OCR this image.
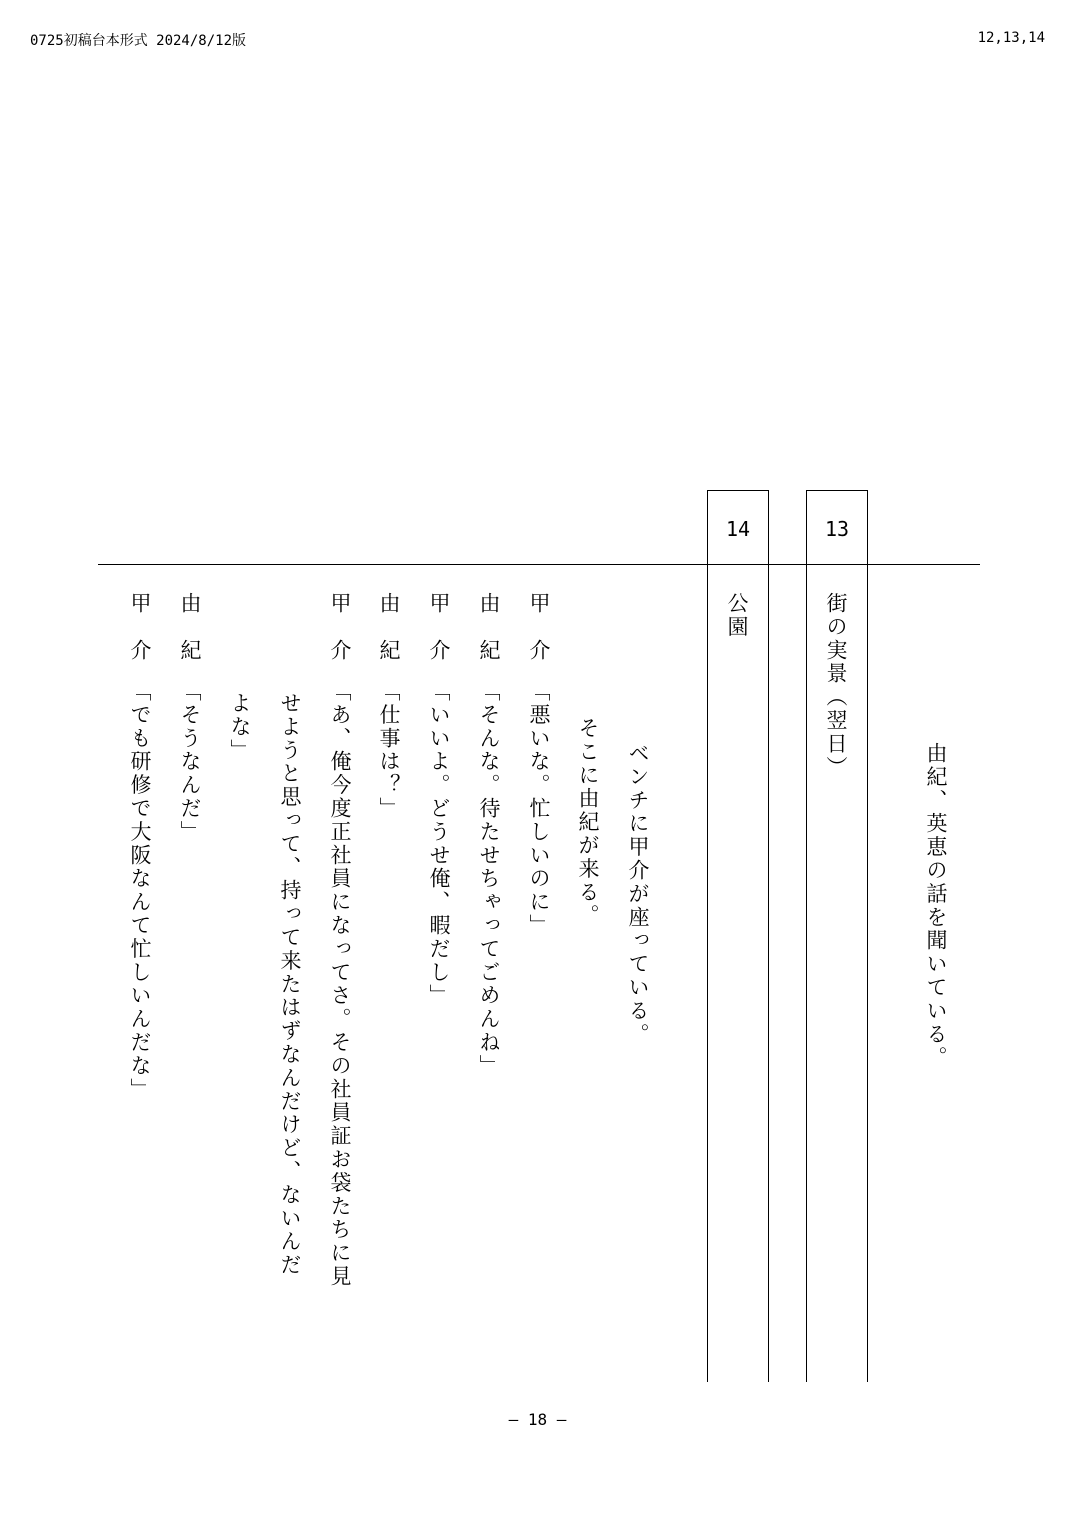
0725初稿台本形式 2024/8/12版	12,13,14
13
14
街の実景（翌日）
公園
由紀、英恵の話を聞いている。
ベンチに甲介が座っている。
そこに由紀が来る。
甲　介
「悪いな。忙しいのに」
由　紀
「そんな。待たせちゃってごめんね」
甲　介
「いいよ。どうせ俺、暇だし」
由　紀
「仕事は？」
甲　介
「あ、俺今度正社員になってさ。その社員証お袋たちに見
せようと思って、持って来たはずなんだけど、ないんだ
よな」
由　紀
「そうなんだ」
甲　介
「でも研修で大阪なんて忙しいんだな」
— 18 —
